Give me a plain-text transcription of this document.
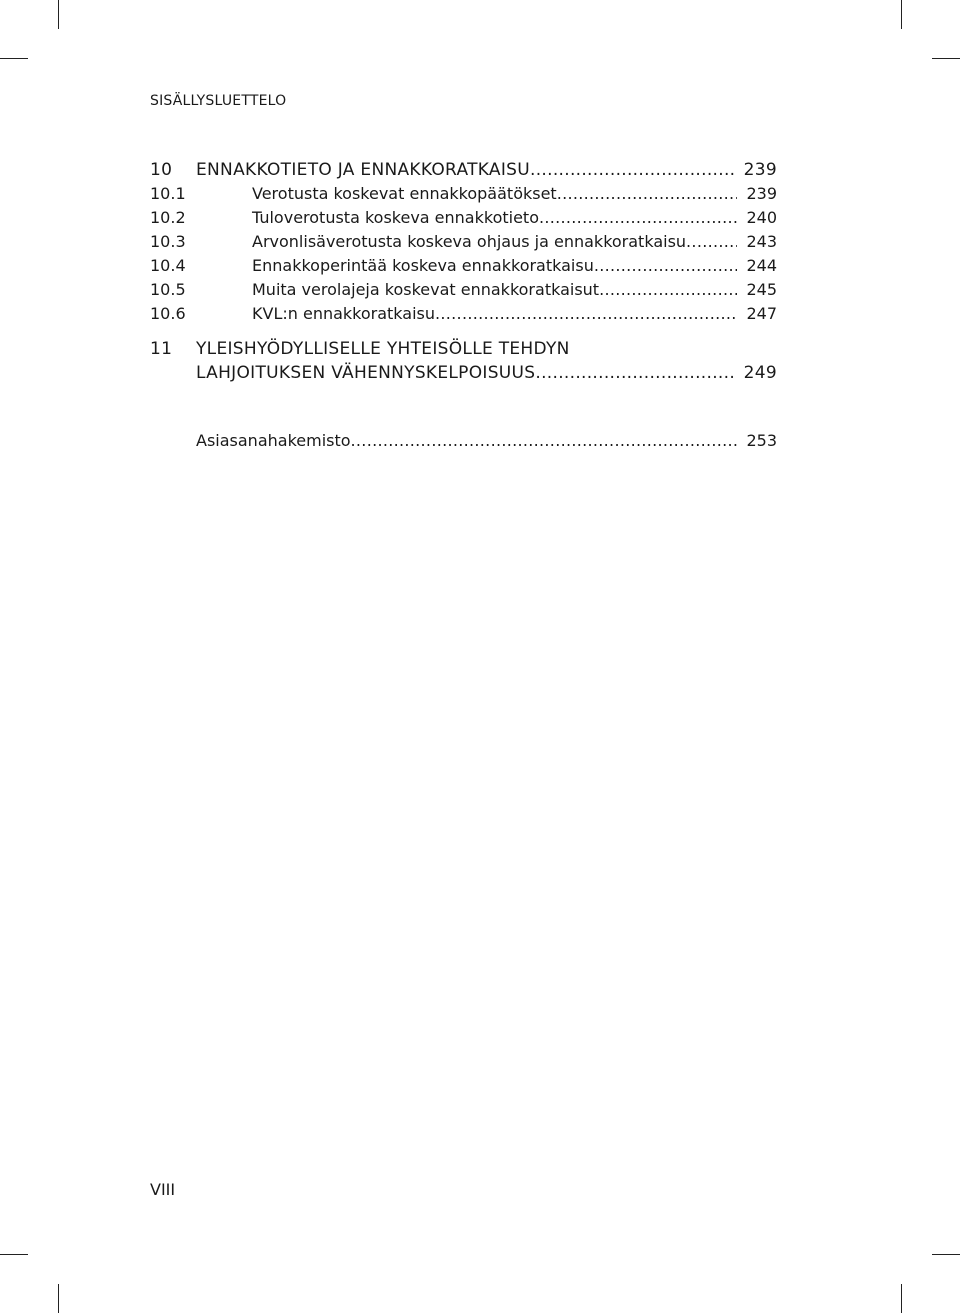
SISÄLLYSLUETTELO
10 ENNAKKOTIETO JA ENNAKKORATKAISU .....	239
10.1	Verotusta koskevat ennakkopäätökset .....	239
10.2	Tuloverotusta koskeva ennakkotieto .....	240
10.3	Arvonlisäverotusta koskeva ohjaus ja ennakkoratkaisu .....	243
10.4	Ennakkoperintää koskeva ennakkoratkaisu .....	244
10.5	Muita verolajeja koskevat ennakkoratkaisut .....	245
10.6	KVL:n ennakkoratkaisu .....	247
11 YLEISHYÖDYLLISELLE YHTEISÖLLE TEHDYN
LAHJOITUKSEN VÄHENNYSKELPOISUUS .....	249
Asiasanahakemisto .....	253
VIII
